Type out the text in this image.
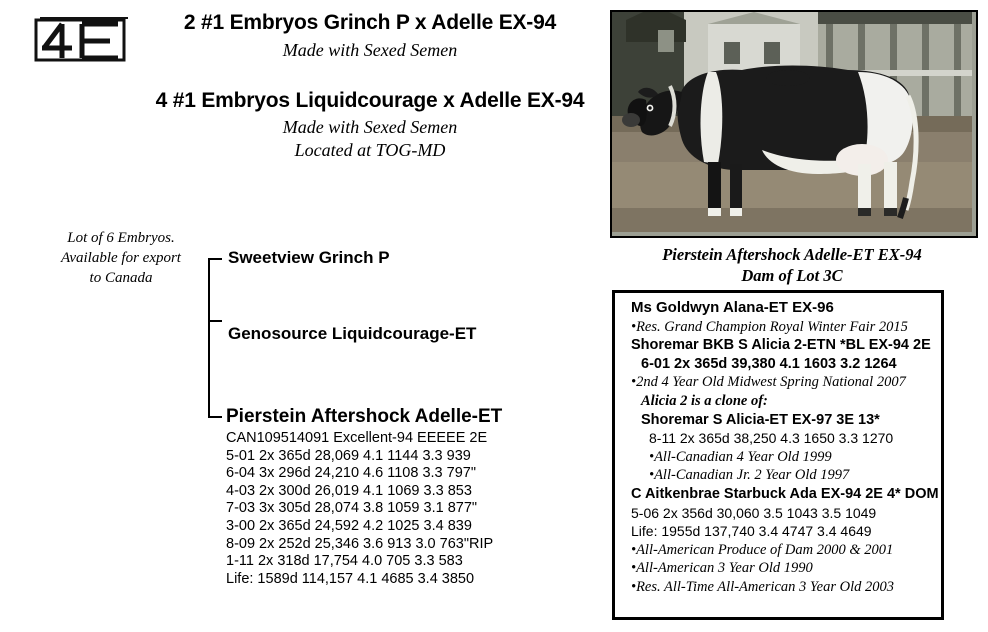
2 #1 Embryos Grinch P x Adelle EX-94
Made with Sexed Semen
4 #1 Embryos Liquidcourage x Adelle EX-94
Made with Sexed Semen
Located at TOG-MD
Lot of 6 Embryos.
Available for export
to Canada
Sweetview Grinch P
Genosource Liquidcourage-ET
Pierstein Aftershock Adelle-ET
CAN109514091 Excellent-94 EEEEE 2E
5-01 2x 365d 28,069 4.1 1144 3.3 939
6-04 3x 296d 24,210 4.6 1108 3.3 797"
4-03 2x 300d 26,019 4.1 1069 3.3 853
7-03 3x 305d 28,074 3.8 1059 3.1 877"
3-00 2x 365d 24,592 4.2 1025 3.4 839
8-09 2x 252d 25,346 3.6 913 3.0 763"RIP
1-11 2x 318d 17,754 4.0 705 3.3 583
Life: 1589d 114,157 4.1 4685 3.4 3850
Pierstein Aftershock Adelle-ET EX-94
Dam of Lot 3C
Ms Goldwyn Alana-ET EX-96
•Res. Grand Champion Royal Winter Fair 2015
Shoremar BKB S Alicia 2-ETN *BL EX-94 2E
6-01 2x 365d 39,380 4.1 1603 3.2 1264
•2nd 4 Year Old Midwest Spring National 2007
Alicia 2 is a clone of:
Shoremar S Alicia-ET EX-97 3E 13*
8-11 2x 365d 38,250 4.3 1650 3.3 1270
•All-Canadian 4 Year Old 1999
•All-Canadian Jr. 2 Year Old 1997
C Aitkenbrae Starbuck Ada EX-94 2E 4* DOM
5-06 2x 356d 30,060 3.5 1043 3.5 1049
Life: 1955d 137,740 3.4 4747 3.4 4649
•All-American Produce of Dam 2000 & 2001
•All-American 3 Year Old 1990
•Res. All-Time All-American 3 Year Old 2003
